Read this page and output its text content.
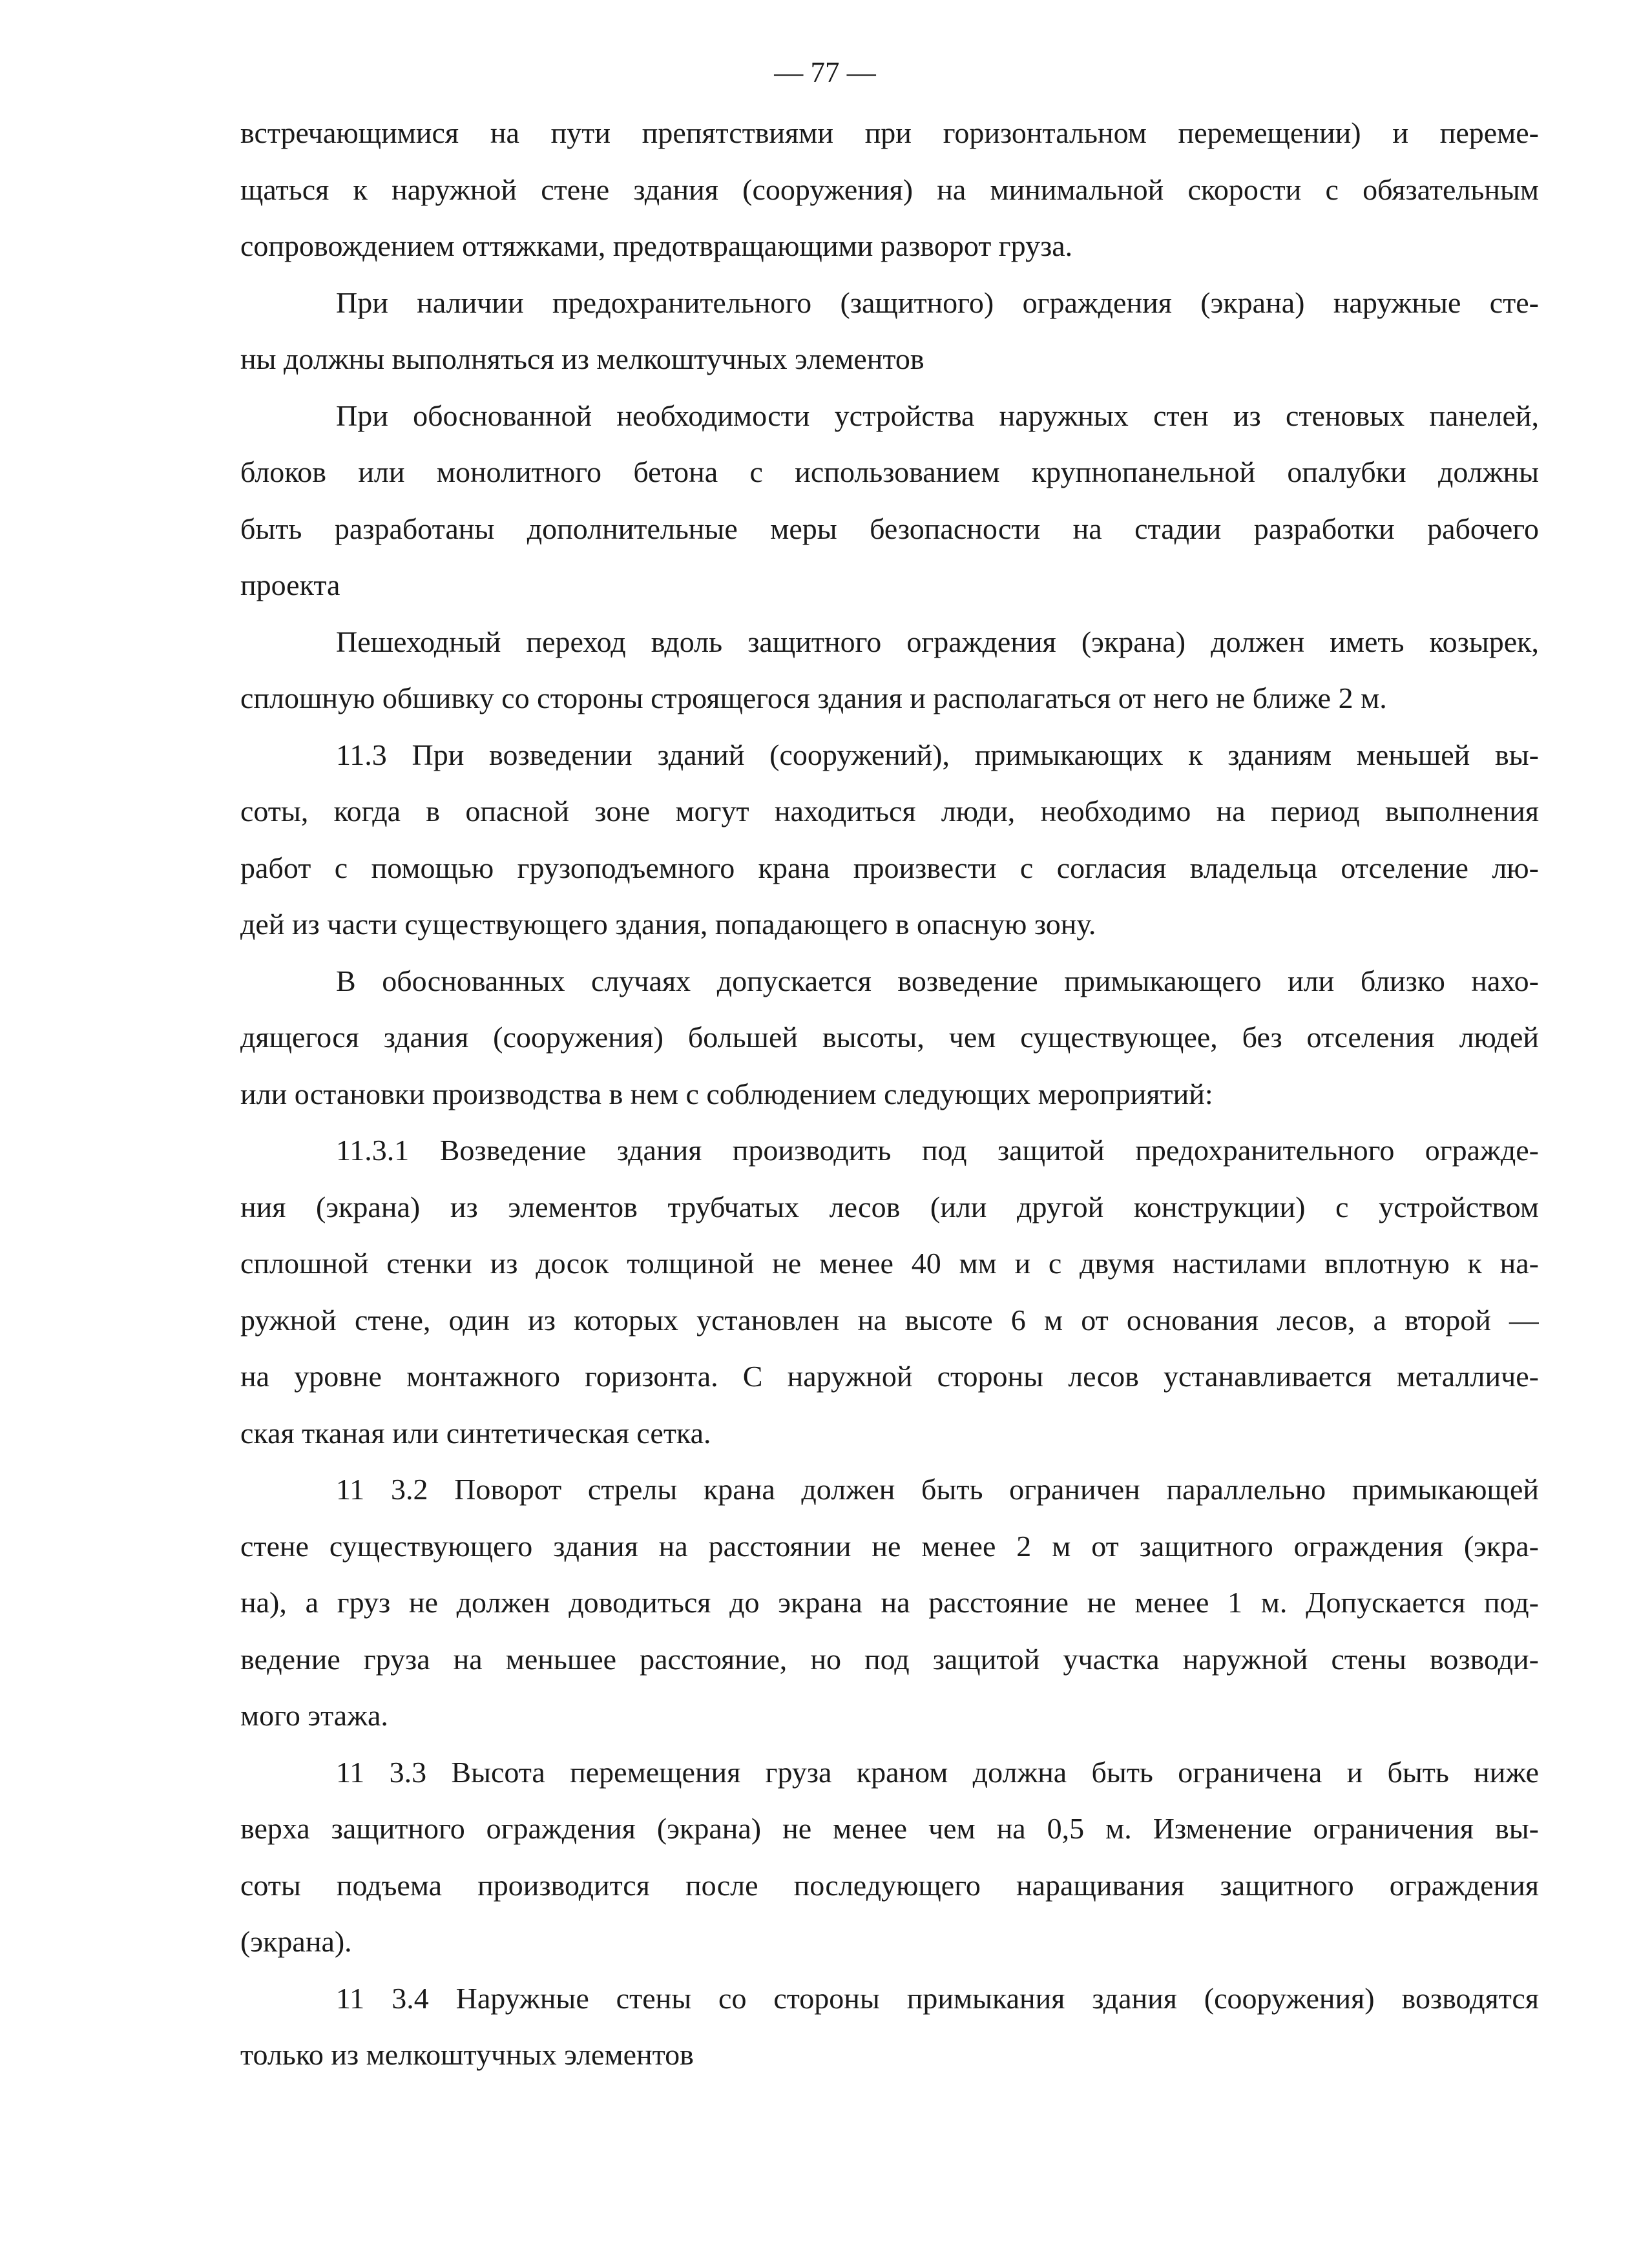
— 77 —
встречающимися на пути препятствиями при горизонтальном перемещении) и переме-
щаться к наружной стене здания (сооружения) на минимальной скорости с обязательным
сопровождением оттяжками, предотвращающими разворот груза.
При наличии предохранительного (защитного) ограждения (экрана) наружные сте-
ны должны выполняться из мелкоштучных элементов
При обоснованной необходимости устройства наружных стен из стеновых панелей,
блоков или монолитного бетона с использованием крупнопанельной опалубки должны
быть разработаны дополнительные меры безопасности на стадии разработки рабочего
проекта
Пешеходный переход вдоль защитного ограждения (экрана) должен иметь козырек,
сплошную обшивку со стороны строящегося здания и располагаться от него не ближе 2 м.
11.3 При возведении зданий (сооружений), примыкающих к зданиям меньшей вы-
соты, когда в опасной зоне могут находиться люди, необходимо на период выполнения
работ с помощью грузоподъемного крана произвести с согласия владельца отселение лю-
дей из части существующего здания, попадающего в опасную зону.
В обоснованных случаях допускается возведение примыкающего или близко нахо-
дящегося здания (сооружения) большей высоты, чем существующее, без отселения людей
или остановки производства в нем с соблюдением следующих мероприятий:
11.3.1 Возведение здания производить под защитой предохранительного огражде-
ния (экрана) из элементов трубчатых лесов (или другой конструкции) с устройством
сплошной стенки из досок толщиной не менее 40 мм и с двумя настилами вплотную к на-
ружной стене, один из которых установлен на высоте 6 м от основания лесов, а второй —
на уровне монтажного горизонта. С наружной стороны лесов устанавливается металличе-
ская тканая или синтетическая сетка.
11 3.2 Поворот стрелы крана должен быть ограничен параллельно примыкающей
стене существующего здания на расстоянии не менее 2 м от защитного ограждения (экра-
на), а груз не должен доводиться до экрана на расстояние не менее 1 м. Допускается под-
ведение груза на меньшее расстояние, но под защитой участка наружной стены возводи-
мого этажа.
11 3.3 Высота перемещения груза краном должна быть ограничена и быть ниже
верха защитного ограждения (экрана) не менее чем на 0,5 м. Изменение ограничения вы-
соты подъема производится после последующего наращивания защитного ограждения
(экрана).
11 3.4 Наружные стены со стороны примыкания здания (сооружения) возводятся
только из мелкоштучных элементов
